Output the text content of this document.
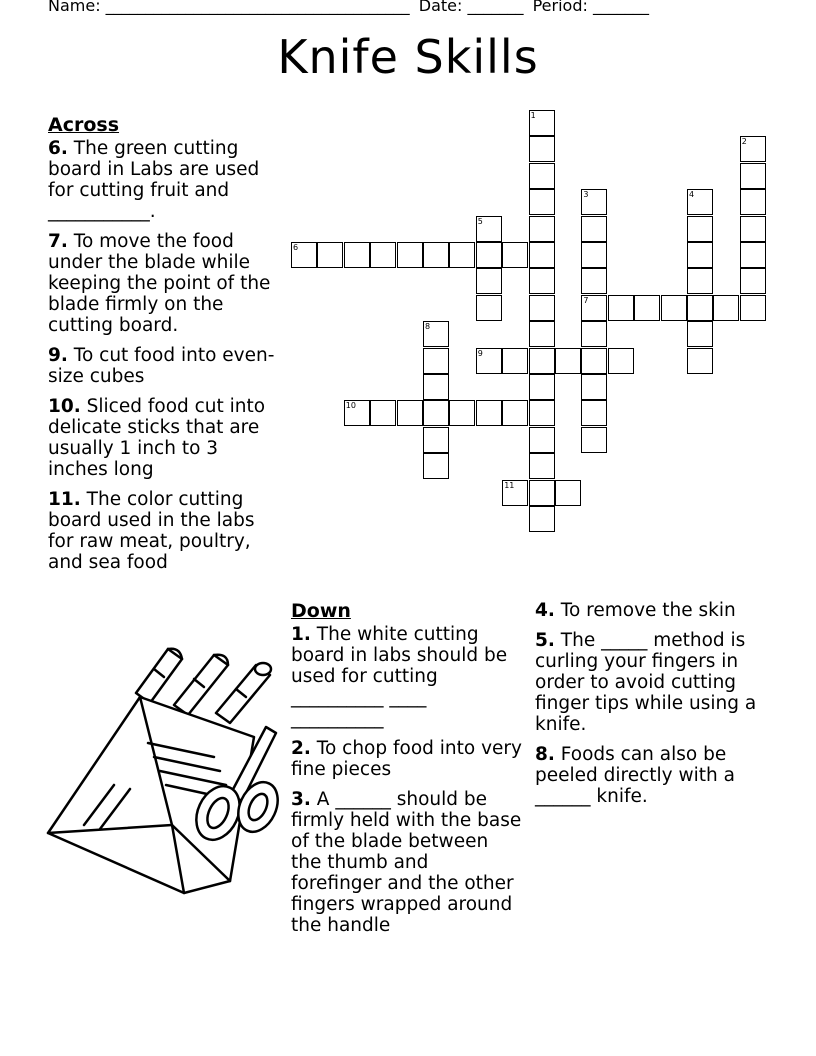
Name: ______________________________________ Date: _______ Period: _______
Knife Skills
Across
6. The green cutting board in Labs are used for cutting fruit and ___________.
7. To move the food under the blade while keeping the point of the blade firmly on the cutting board.
9. To cut food into even-size cubes
10. Sliced food cut into delicate sticks that are usually 1 inch to 3 inches long
11. The color cutting board used in the labs for raw meat, poultry, and sea food
1
2
3
7
4
5
6
8
9
10
11
Down
1. The white cutting board in labs should be used for cutting __________ ____ __________
2. To chop food into very fine pieces
3. A ______ should be firmly held with the base of the blade between the thumb and forefinger and the other fingers wrapped around the handle
4. To remove the skin
5. The _____ method is curling your fingers in order to avoid cutting finger tips while using a knife.
8. Foods can also be peeled directly with a ______ knife.
